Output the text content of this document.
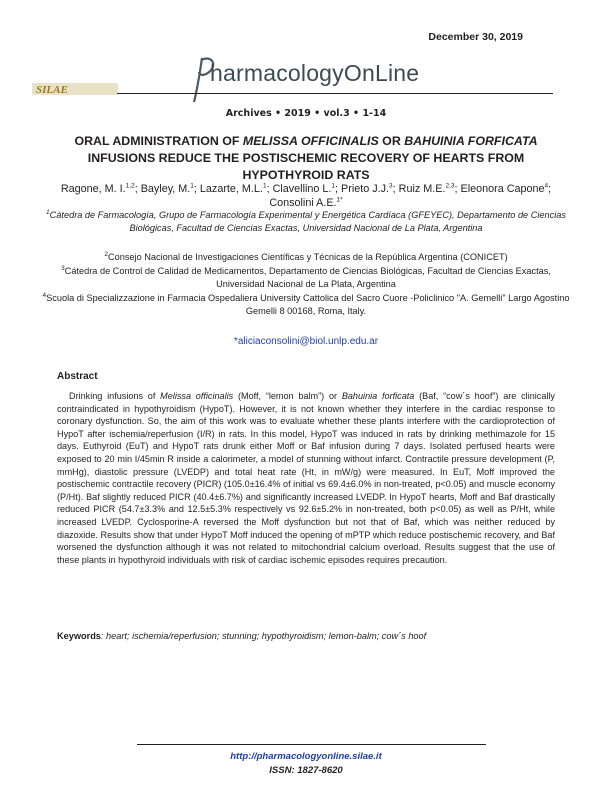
December 30, 2019
SILAE
harmacologyOnLine
Archives • 2019 • vol.3 • 1-14
ORAL ADMINISTRATION OF MELISSA OFFICINALIS OR BAHUINIA FORFICATA
INFUSIONS REDUCE THE POSTISCHEMIC RECOVERY OF HEARTS FROM
HYPOTHYROID RATS
Ragone, M. I.$^{1,2}$; Bayley, M.$^1$; Lazarte, M.L.$^1$; Clavellino L.$^1$; Prieto J.J.$^3$; Ruiz M.E.$^{2,3}$; Eleonora Capone$^4$; Consolini A.E.$^{1*}$
$^1$Cátedra de Farmacología, Grupo de Farmacología Experimental y Energética Cardíaca (GFEYEC), Departamento de Ciencias Biológicas, Facultad de Ciencias Exactas, Universidad Nacional de La Plata, Argentina
$^2$Consejo Nacional de Investigaciones Científicas y Técnicas de la República Argentina (CONICET)
$^3$Cátedra de Control de Calidad de Medicamentos, Departamento de Ciencias Biológicas, Facultad de Ciencias Exactas, Universidad Nacional de La Plata, Argentina
$^4$Scuola di Specializzazione in Farmacia Ospedaliera University Cattolica del Sacro Cuore -Policlinico "A. Gemelli" Largo Agostino Gemelli 8 00168, Roma, Italy.
*aliciaconsolini@biol.unlp.edu.ar
Abstract

Drinking infusions of Melissa officinalis (Moff, “lemon balm”) or Bahuinia forficata (Baf, “cow´s hoof”) are clinically contraindicated in hypothyroidism (HypoT). However, it is not known whether they interfere in the cardiac response to coronary dysfunction. So, the aim of this work was to evaluate whether these plants interfere with the cardioprotection of HypoT after ischemia/reperfusion (I/R) in rats. In this model, HypoT was induced in rats by drinking methimazole for 15 days. Euthyroid (EuT) and HypoT rats drunk either Moff or Baf infusion during 7 days. Isolated perfused hearts were exposed to 20 min I/45min R inside a calorimeter, a model of stunning without infarct. Contractile pressure development (P, mmHg), diastolic pressure (LVEDP) and total heat rate (Ht, in mW/g) were measured. In EuT, Moff improved the postischemic contractile recovery (PICR) (105.0±16.4% of initial vs 69.4±6.0% in non-treated, p<0.05) and muscle economy (P/Ht). Baf slightly reduced PICR (40.4±6.7%) and significantly increased LVEDP. In HypoT hearts, Moff and Baf drastically reduced PICR (54.7±3.3% and 12.5±5.3% respectively vs 92.6±5.2% in non-treated, both p<0.05) as well as P/Ht, while increased LVEDP. Cyclosporine-A reversed the Moff dysfunction but not that of Baf, which was neither reduced by diazoxide. Results show that under HypoT Moff induced the opening of mPTP which reduce postischemic recovery, and Baf worsened the dysfunction although it was not related to mitochondrial calcium overload. Results suggest that the use of these plants in hypothyroid individuals with risk of cardiac ischemic episodes requires precaution.

Keywords: heart; ischemia/reperfusion; stunning; hypothyroidism; lemon-balm; cow´s hoof
http://pharmacologyonline.silae.it
ISSN: 1827-8620
